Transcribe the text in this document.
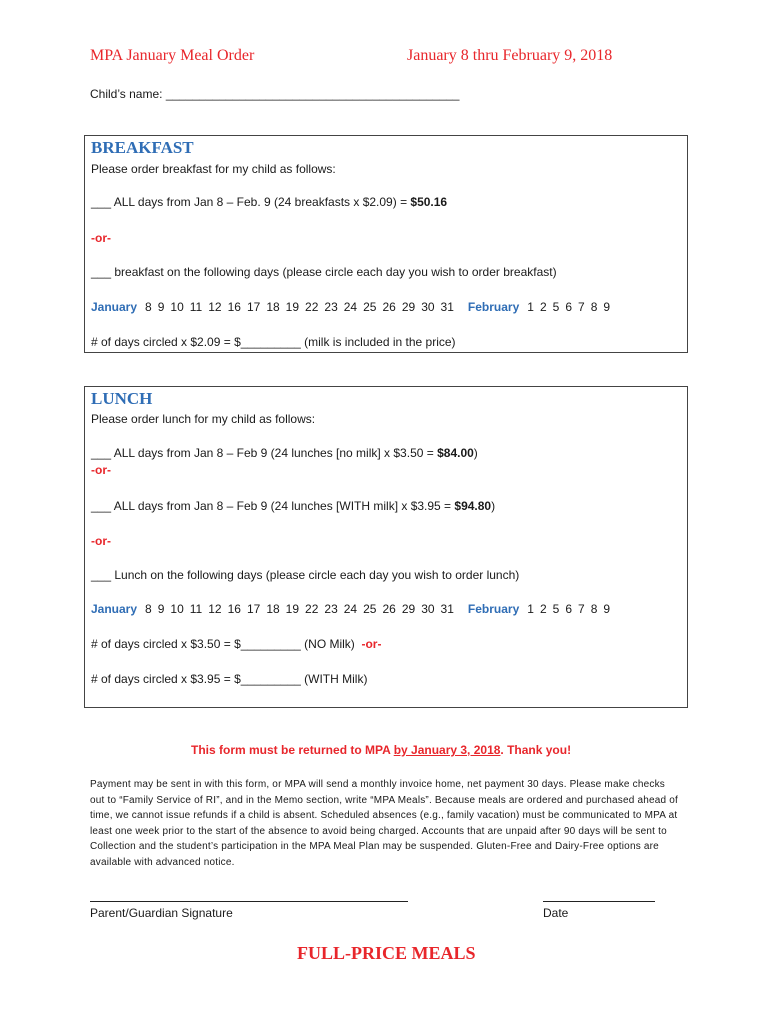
MPA January Meal Order	January 8 thru February 9, 2018
Child’s name: ____________________________________________
BREAKFAST
Please order breakfast for my child as follows:
___ ALL days from Jan 8 – Feb. 9 (24 breakfasts x $2.09) = $50.16
-or-
___ breakfast on the following days (please circle each day you wish to order breakfast)
January 8 9 10 11 12 16 17 18 19 22 23 24 25 26 29 30 31 February 1 2 5 6 7 8 9
# of days circled x $2.09 = $_________ (milk is included in the price)
LUNCH
Please order lunch for my child as follows:
___ ALL days from Jan 8 – Feb 9 (24 lunches [no milk] x $3.50 = $84.00)
-or-
___ ALL days from Jan 8 – Feb 9 (24 lunches [WITH milk] x $3.95 = $94.80)
-or-
___ Lunch on the following days (please circle each day you wish to order lunch)
January 8 9 10 11 12 16 17 18 19 22 23 24 25 26 29 30 31 February 1 2 5 6 7 8 9
# of days circled x $3.50 = $_________ (NO Milk) -or-
# of days circled x $3.95 = $_________ (WITH Milk)
This form must be returned to MPA by January 3, 2018. Thank you!
Payment may be sent in with this form, or MPA will send a monthly invoice home, net payment 30 days. Please make checks out to “Family Service of RI”, and in the Memo section, write “MPA Meals”. Because meals are ordered and purchased ahead of time, we cannot issue refunds if a child is absent. Scheduled absences (e.g., family vacation) must be communicated to MPA at least one week prior to the start of the absence to avoid being charged. Accounts that are unpaid after 90 days will be sent to Collection and the student’s participation in the MPA Meal Plan may be suspended. Gluten-Free and Dairy-Free options are available with advanced notice.
Parent/Guardian Signature	Date
FULL-PRICE MEALS
